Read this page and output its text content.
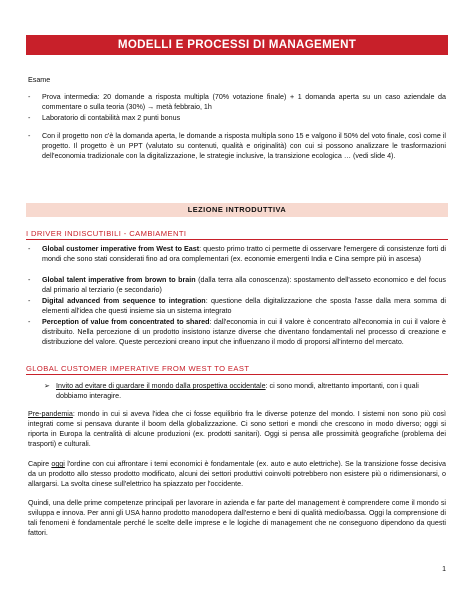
MODELLI E PROCESSI DI MANAGEMENT
Esame
- Prova intermedia: 20 domande a risposta multipla (70% votazione finale) + 1 domanda aperta su un caso aziendale da commentare o sulla teoria (30%) → metà febbraio, 1h
- Laboratorio di contabilità max 2 punti bonus
- Con il progetto non c'è la domanda aperta, le domande a risposta multipla sono 15 e valgono il 50% del voto finale, così come il progetto. Il progetto è un PPT (valutato su contenuti, qualità e originalità) con cui si possono analizzare le trasformazioni dell'economia tradizionale con la digitalizzazione, le strategie inclusive, la transizione ecologica … (vedi slide 4).
LEZIONE INTRODUTTIVA
I DRIVER INDISCUTIBILI - CAMBIAMENTI
- Global customer imperative from West to East: questo primo tratto ci permette di osservare l'emergere di consistenze forti di mondi che sono stati considerati fino ad ora complementari (ex. economie emergenti India e Cina sempre più in ascesa)
- Global talent imperative from brown to brain (dalla terra alla conoscenza): spostamento dell'asseto economico e del focus dal primario al terziario (e secondario)
- Digital advanced from sequence to integration: questione della digitalizzazione che sposta l'asse dalla mera somma di elementi all'idea che questi insieme sia un sistema integrato
- Perception of value from concentrated to shared: dall'economia in cui il valore è concentrato all'economia in cui il valore è distribuito. Nella percezione di un prodotto insistono istanze diverse che diventano fondamentali nel processo di creazione e distribuzione del valore. Queste percezioni creano input che influenzano il modo di proporsi all'interno del mercato.
GLOBAL CUSTOMER IMPERATIVE FROM WEST TO EAST
➢ Invito ad evitare di guardare il mondo dalla prospettiva occidentale: ci sono mondi, altrettanto importanti, con i quali dobbiamo interagire.
Pre-pandemia: mondo in cui si aveva l'idea che ci fosse equilibrio fra le diverse potenze del mondo. I sistemi non sono più così integrati come si pensava durante il boom della globalizzazione. Ci sono settori e mondi che crescono in modo diverso; oggi si riporta in Europa la centralità di alcune produzioni (ex. prodotti sanitari). Oggi si pensa alle prossimità geografiche (problema dei trasporti) e culturali.
Capire oggi l'ordine con cui affrontare i temi economici è fondamentale (ex. auto e auto elettriche). Se la transizione fosse decisiva da un prodotto allo stesso prodotto modificato, alcuni dei settori produttivi coinvolti potrebbero non esistere più o ridimensionarsi, o allargarsi. La svolta cinese sull'elettrico ha spiazzato per l'occidente.
Quindi, una delle prime competenze principali per lavorare in azienda e far parte del management è comprendere come il mondo si sviluppa e innova. Per anni gli USA hanno prodotto manodopera dall'esterno e beni di qualità medio/bassa. Oggi la comprensione di tali fenomeni è fondamentale perché le scelte delle imprese e le logiche di management che ne conseguono dipendono da questi fattori.
1
